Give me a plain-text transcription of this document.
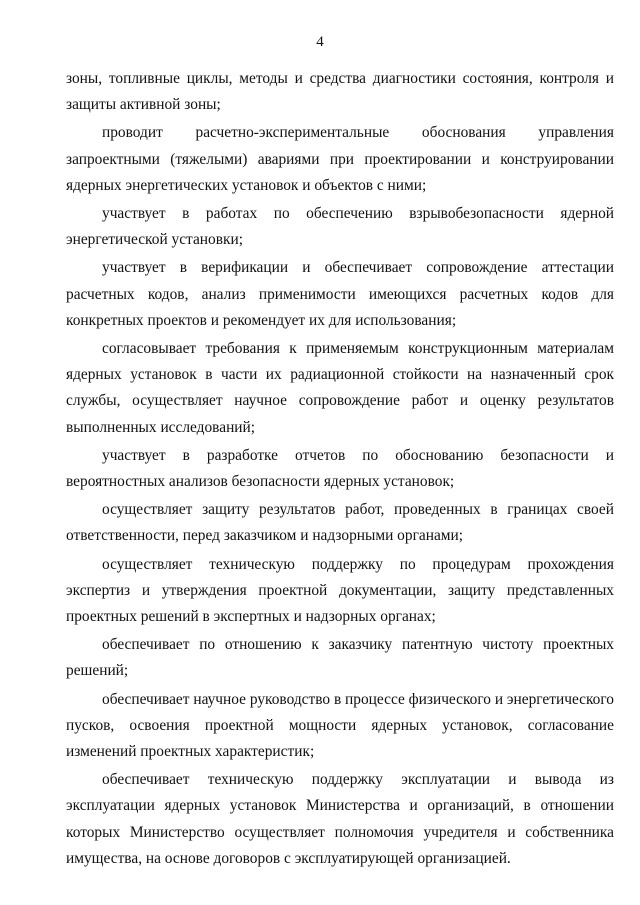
4

зоны, топливные циклы, методы и средства диагностики состояния, контроля и защиты активной зоны;

проводит расчетно-экспериментальные обоснования управления запроектными (тяжелыми) авариями при проектировании и конструировании ядерных энергетических установок и объектов с ними;

участвует в работах по обеспечению взрывобезопасности ядерной энергетической установки;

участвует в верификации и обеспечивает сопровождение аттестации расчетных кодов, анализ применимости имеющихся расчетных кодов для конкретных проектов и рекомендует их для использования;

согласовывает требования к применяемым конструкционным материалам ядерных установок в части их радиационной стойкости на назначенный срок службы, осуществляет научное сопровождение работ и оценку результатов выполненных исследований;

участвует в разработке отчетов по обоснованию безопасности и вероятностных анализов безопасности ядерных установок;

осуществляет защиту результатов работ, проведенных в границах своей ответственности, перед заказчиком и надзорными органами;

осуществляет техническую поддержку по процедурам прохождения экспертиз и утверждения проектной документации, защиту представленных проектных решений в экспертных и надзорных органах;

обеспечивает по отношению к заказчику патентную чистоту проектных решений;

обеспечивает научное руководство в процессе физического и энергетического пусков, освоения проектной мощности ядерных установок, согласование изменений проектных характеристик;

обеспечивает техническую поддержку эксплуатации и вывода из эксплуатации ядерных установок Министерства и организаций, в отношении которых Министерство осуществляет полномочия учредителя и собственника имущества, на основе договоров с эксплуатирующей организацией.
